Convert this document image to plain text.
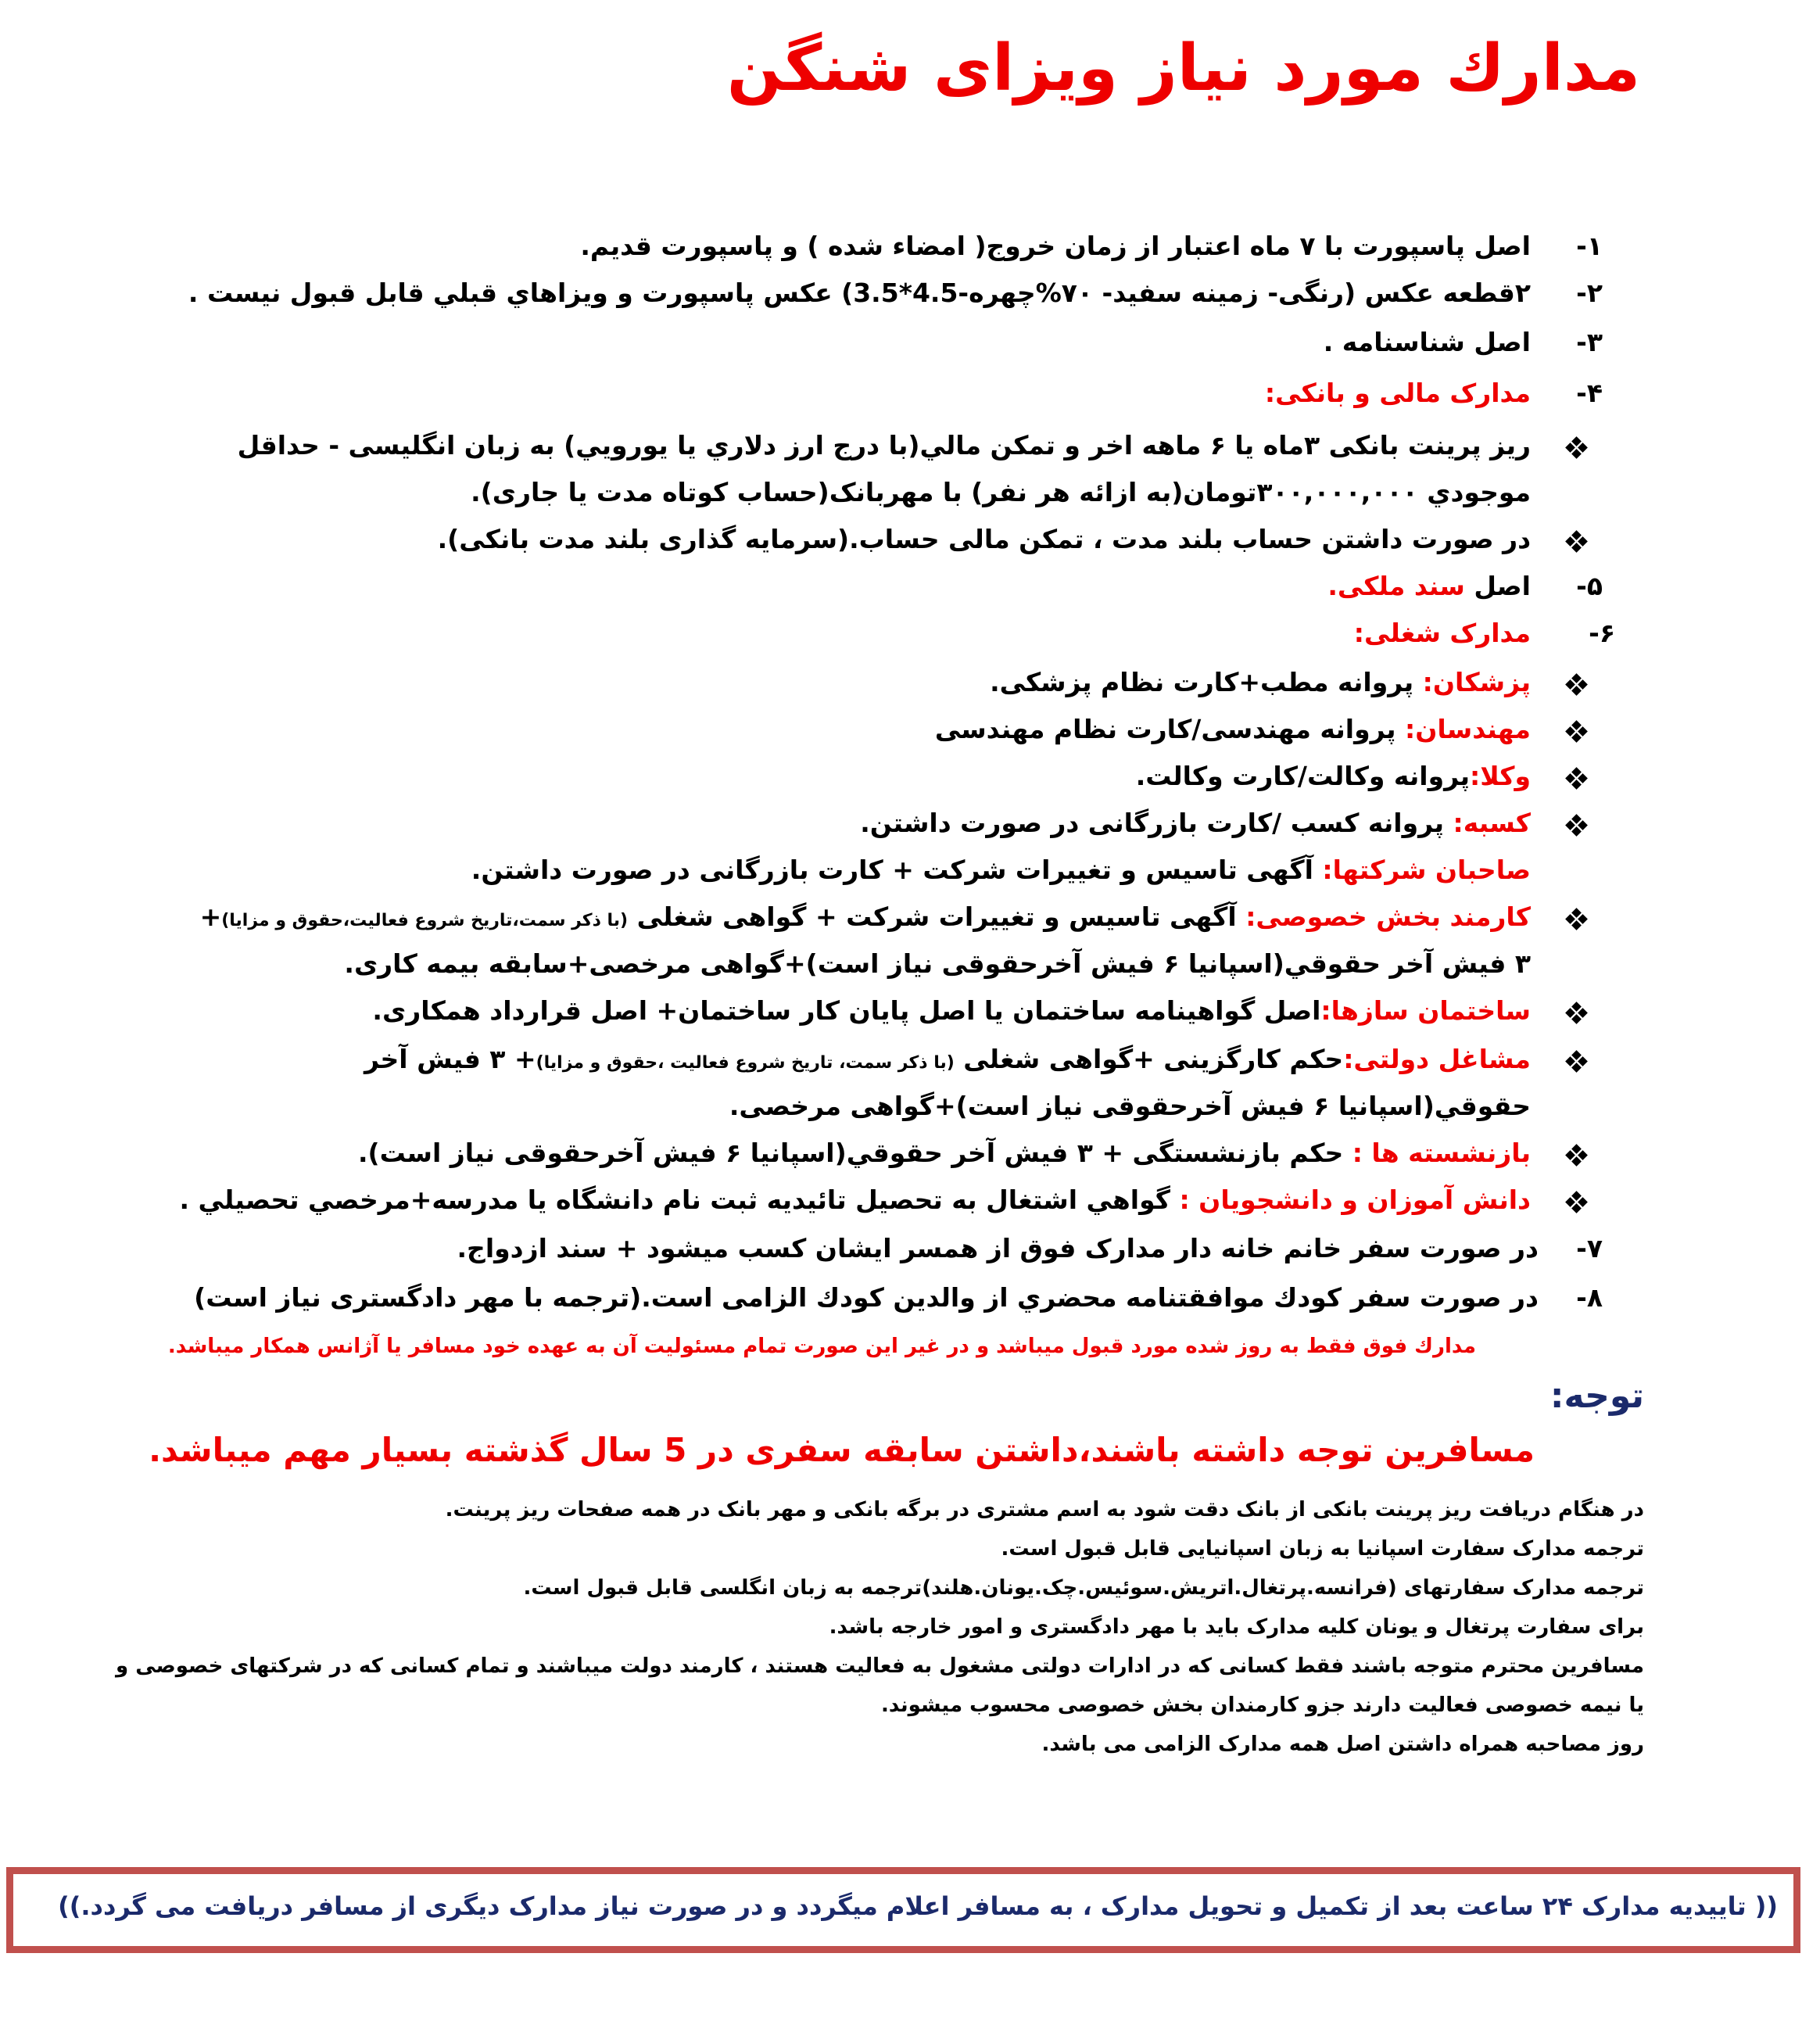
مدارك مورد نياز ويزای شنگن
۱-
اصل پاسپورت با ۷ ماه اعتبار از زمان خروج( امضاء شده ) و پاسپورت قديم.
۲-
۲قطعه عکس (رنگی- زمینه سفید- ۷۰%چهره-4.5*3.5) عکس پاسپورت و ويزاهاي قبلي قابل قبول نيست .
۳-
اصل شناسنامه .
۴-
مدارک مالی و بانکی:
ريز پرينت بانکی ۳ماه يا ۶ ماهه اخر و تمکن مالي(با درج ارز دلاري يا يورويي) به زبان انگليسی - حداقل
موجودي ۳۰۰,۰۰۰,۰۰۰تومان(به ازائه هر نفر) با مهربانک(حساب کوتاه مدت يا جاری).
در صورت داشتن حساب بلند مدت ، تمکن مالی حساب.(سرمايه گذاری بلند مدت بانکی).
۵-
اصل سند ملکی.
۶-
مدارک شغلی:
پزشکان: پروانه مطب+کارت نظام پزشکی.
مهندسان: پروانه مهندسی/کارت نظام مهندسی
وکلا:پروانه وکالت/کارت وکالت.
کسبه: پروانه کسب /کارت بازرگانی در صورت داشتن.
صاحبان شرکتها: آگهی تاسيس و تغييرات شرکت + کارت بازرگانی در صورت داشتن.
کارمند بخش خصوصی: آگهی تاسيس و تغييرات شرکت + گواهی شغلی (با ذکر سمت،تاریخ شروع فعالیت،حقوق و مزايا)+
۳ فيش آخر حقوقي(اسپانيا ۶ فيش آخرحقوقی نياز است)+گواهی مرخصی+سابقه بيمه کاری.
ساختمان سازها:اصل گواهينامه ساختمان يا اصل پايان کار ساختمان+ اصل قرارداد همکاری.
مشاغل دولتی:حکم کارگزينی +گواهی شغلی (با ذکر سمت، تاریخ شروع فعالیت ،حقوق و مزايا)+ ۳ فيش آخر
حقوقي(اسپانيا ۶ فيش آخرحقوقی نياز است)+گواهی مرخصی.
بازنشسته ها : حکم بازنشستگی + ۳ فيش آخر حقوقي(اسپانيا ۶ فيش آخرحقوقی نياز است).
دانش آموزان و دانشجويان : گواهي اشتغال به تحصيل تائيديه ثبت نام دانشگاه يا مدرسه+مرخصي تحصيلي .
۷-
در صورت سفر خانم خانه دار مدارک فوق از همسر ايشان کسب ميشود + سند ازدواج.
۸-
در صورت سفر کودك موافقتنامه محضري از والدين کودك الزامی است.(ترجمه با مهر دادگستری نياز است)
مدارك فوق فقط به روز شده مورد قبول ميباشد و در غير اين صورت تمام مسئوليت آن به عهده خود مسافر يا آژانس همكار ميباشد.
توجه:
مسافرين توجه داشته باشند،داشتن سابقه سفری در 5 سال گذشته بسيار مهم ميباشد.
در هنگام دريافت ريز پرينت بانکی از بانک دقت شود به اسم مشتری در برگه بانکی و مهر بانک در همه صفحات ريز پرينت.
ترجمه مدارک سفارت اسپانيا به زبان اسپانيايی قابل قبول است.
ترجمه مدارک سفارتهای (فرانسه.پرتغال.اتريش.سوئيس.چک.يونان.هلند)ترجمه به زبان انگلسی قابل قبول است.
برای سفارت پرتغال و يونان کليه مدارک بايد با مهر دادگستری و امور خارجه باشد.
مسافرين محترم متوجه باشند فقط کسانی که در ادارات دولتی مشغول به فعاليت هستند ، کارمند دولت ميباشند و تمام کسانی که در شرکتهای خصوصی و
يا نيمه خصوصی فعاليت دارند جزو کارمندان بخش خصوصی محسوب ميشوند.
روز مصاحبه همراه داشتن اصل همه مدارک الزامی می باشد.
(( تاييديه مدارک ۲۴ ساعت بعد از تکميل و تحويل مدارک ، به مسافر اعلام ميگردد و در صورت نياز مدارک ديگری از مسافر دريافت می گردد.))
